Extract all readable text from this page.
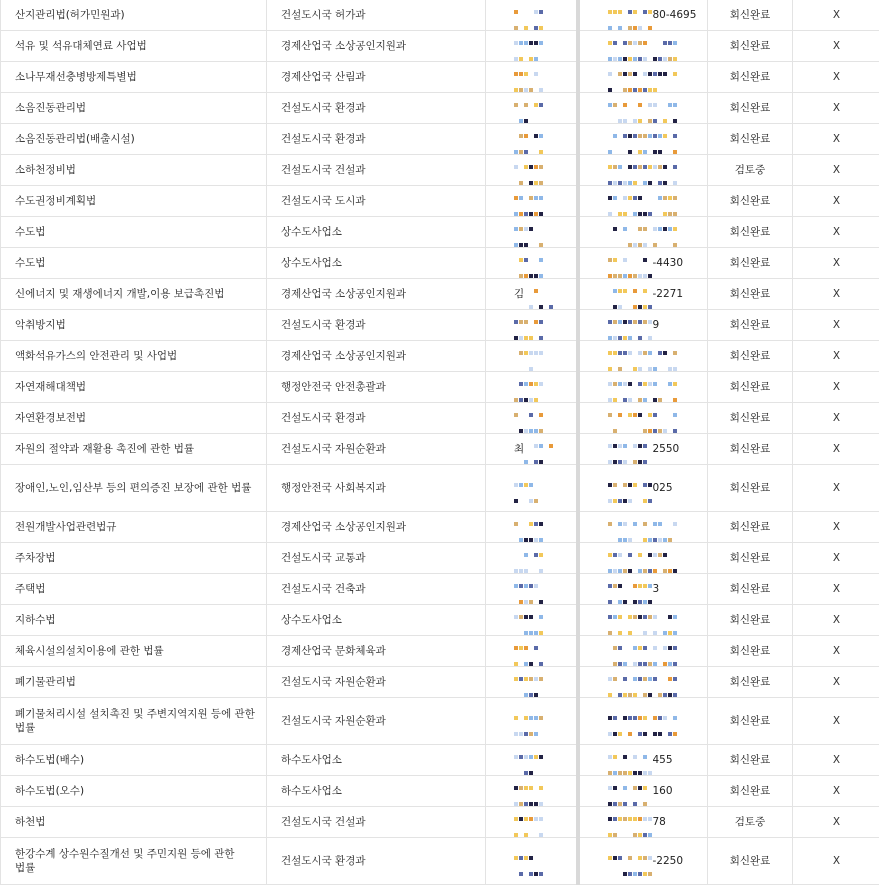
산지관리법(허가민원과)	건설도시국 허가과		80-4695	회신완료	X
석유 및 석유대체연료 사업법	경제산업국 소상공인지원과			회신완료	X
소나무재선충병방제특별법	경제산업국 산림과			회신완료	X
소음진동관리법	건설도시국 환경과			회신완료	X
소음진동관리법(배출시설)	건설도시국 환경과			회신완료	X
소하천정비법	건설도시국 건설과			검토중	X
수도권정비계획법	건설도시국 도시과			회신완료	X
수도법	상수도사업소			회신완료	X
수도법	상수도사업소		-4430	회신완료	X
신에너지 및 재생에너지 개발,이용 보급촉진법	경제산업국 소상공인지원과	김	-2271	회신완료	X
악취방지법	건설도시국 환경과		9	회신완료	X
액화석유가스의 안전관리 및 사업법	경제산업국 소상공인지원과			회신완료	X
자연재해대책법	행정안전국 안전총괄과			회신완료	X
자연환경보전법	건설도시국 환경과			회신완료	X
자원의 절약과 재활용 촉진에 관한 법률	건설도시국 자원순환과	최	2550	회신완료	X
장애인,노인,임산부 등의 편의증진 보장에 관한 법률	행정안전국 사회복지과		025	회신완료	X
전원개발사업관련법규	경제산업국 소상공인지원과			회신완료	X
주차장법	건설도시국 교통과			회신완료	X
주택법	건설도시국 건축과		3	회신완료	X
지하수법	상수도사업소			회신완료	X
체육시설의설치이용에 관한 법률	경제산업국 문화체육과			회신완료	X
폐기물관리법	건설도시국 자원순환과			회신완료	X
폐기물처리시설 설치촉진 및 주변지역지원 등에 관한 법률	건설도시국 자원순환과			회신완료	X
하수도법(배수)	하수도사업소		455	회신완료	X
하수도법(오수)	하수도사업소		160	회신완료	X
하천법	건설도시국 건설과		78	검토중	X
한강수계 상수원수질개선 및 주민지원 등에 관한 법률	건설도시국 환경과		-2250	회신완료	X
